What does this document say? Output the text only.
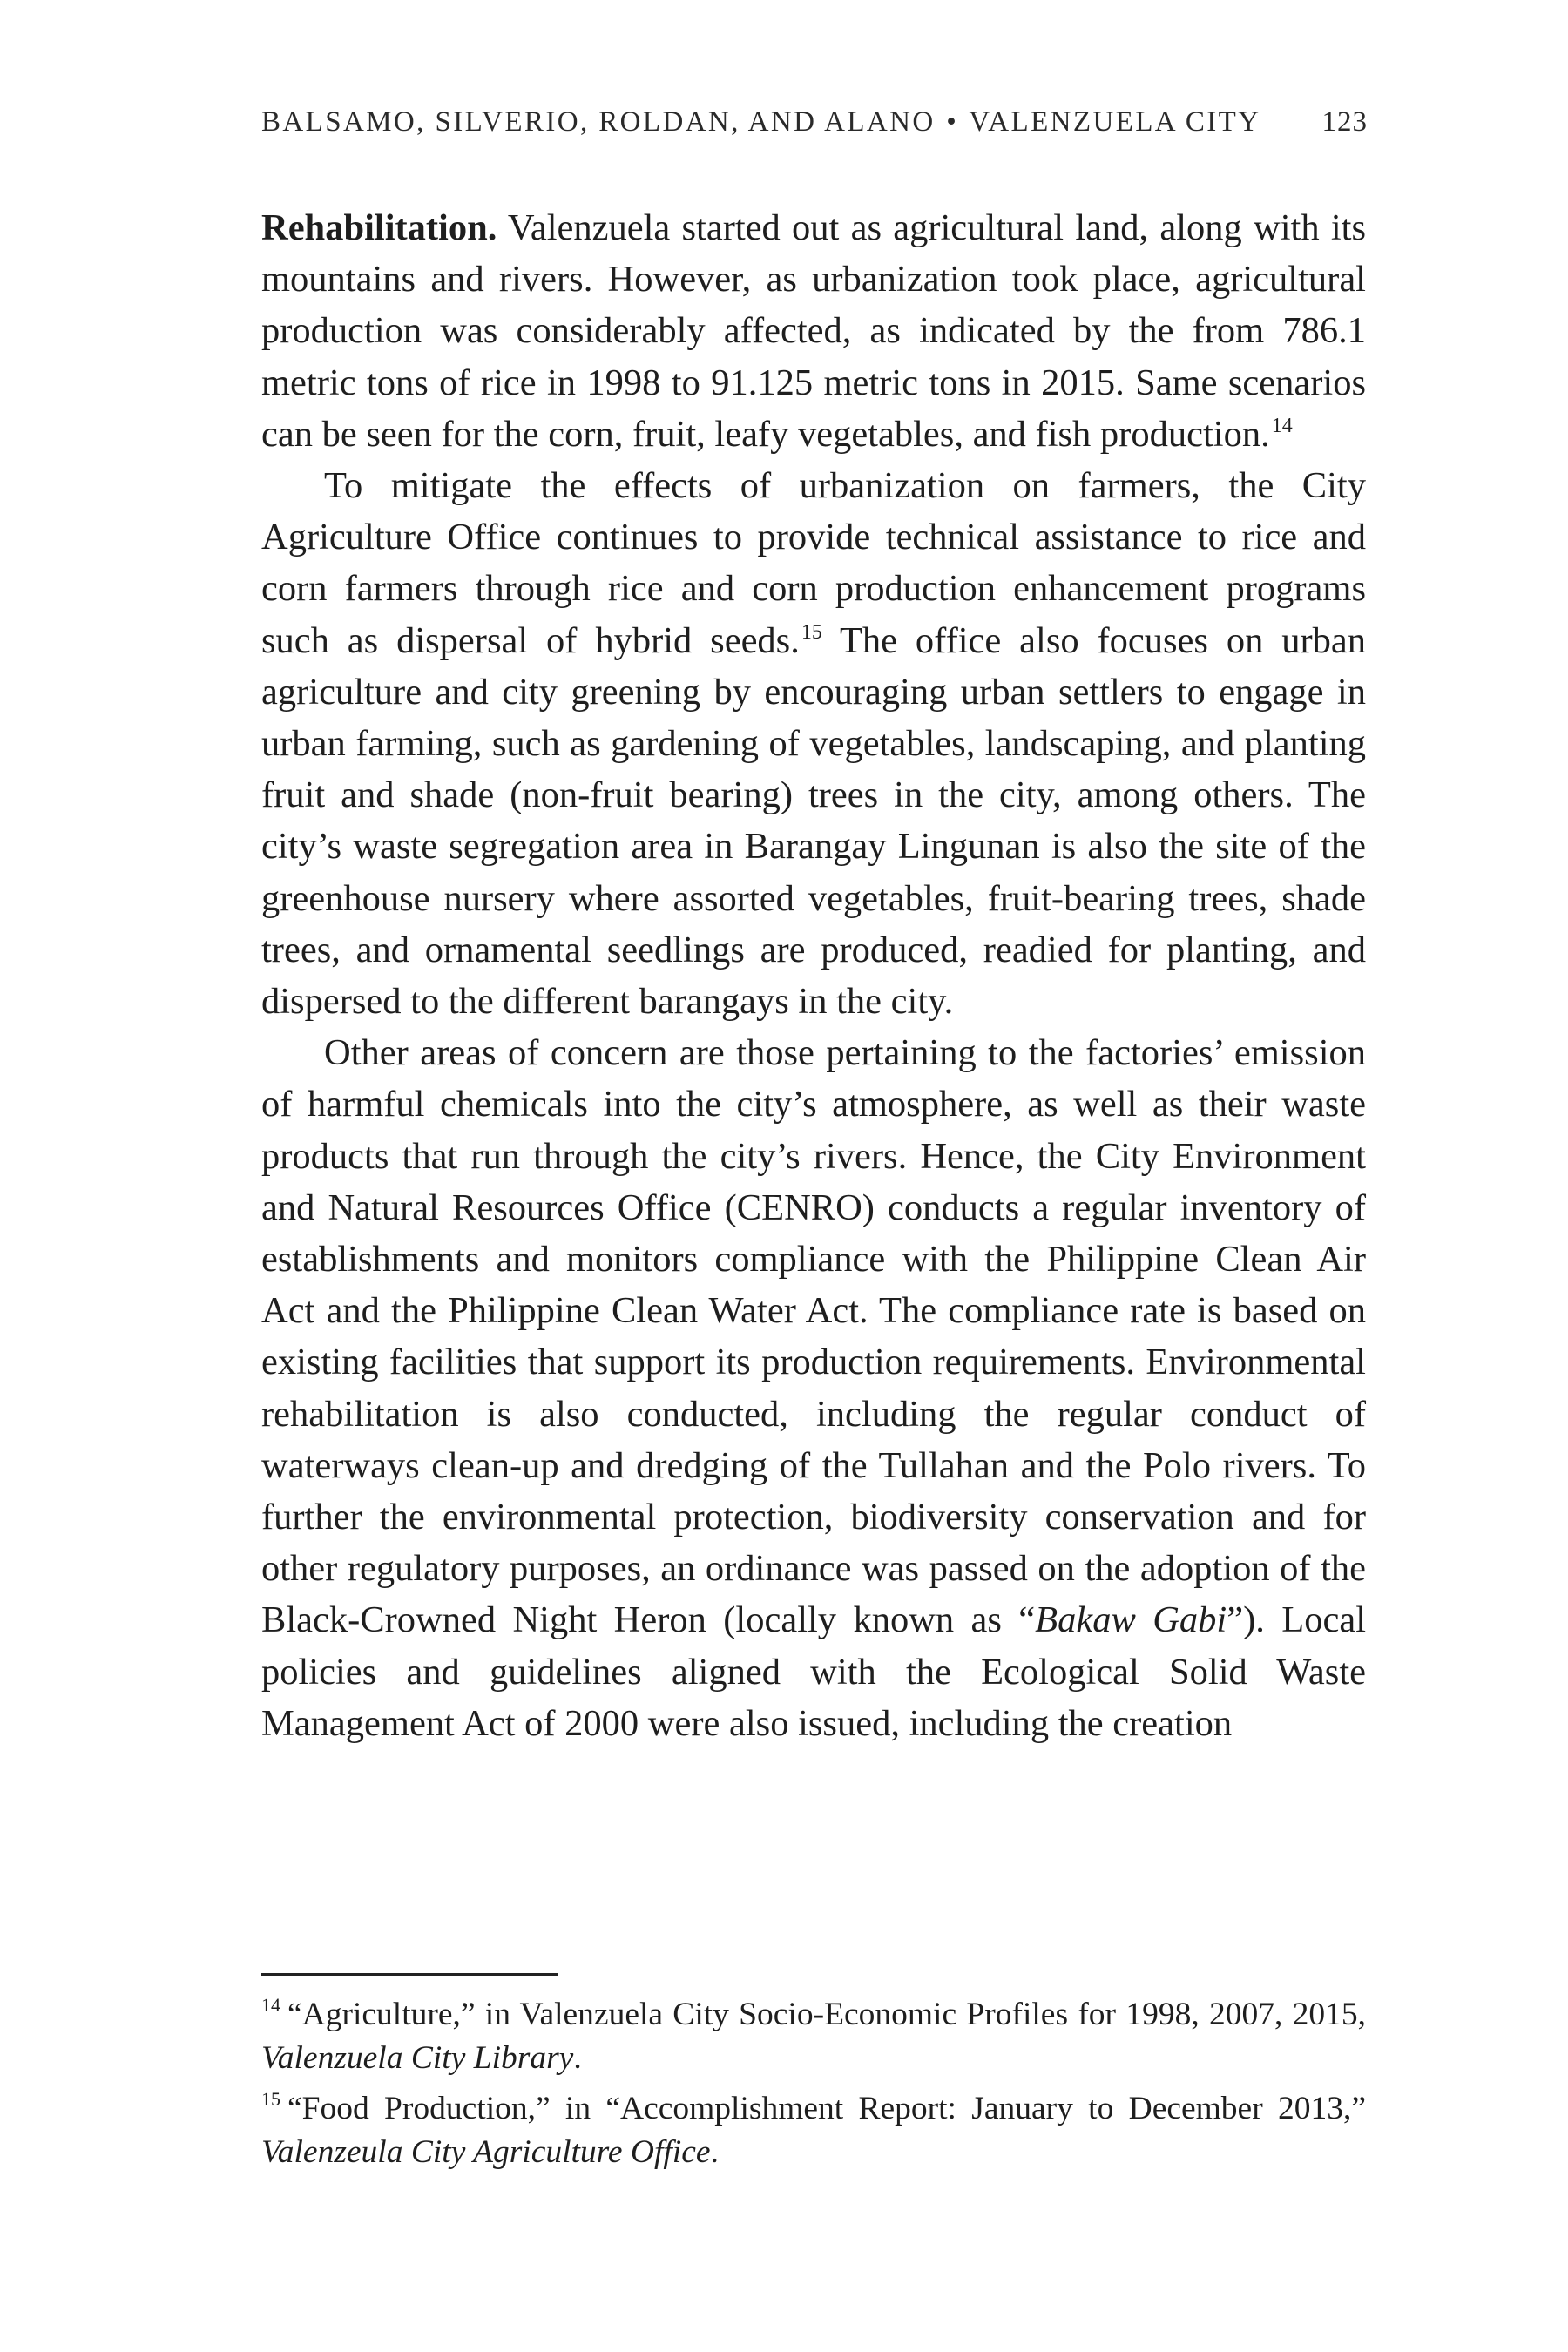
BALSAMO, SILVERIO, ROLDAN, AND ALANO • VALENZUELA CITY 123

Rehabilitation. Valenzuela started out as agricultural land, along with its mountains and rivers. However, as urbanization took place, agricultural production was considerably affected, as indicated by the from 786.1 metric tons of rice in 1998 to 91.125 metric tons in 2015. Same scenarios can be seen for the corn, fruit, leafy vegetables, and fish production.$^{14}$

To mitigate the effects of urbanization on farmers, the City Agriculture Office continues to provide technical assistance to rice and corn farmers through rice and corn production enhancement programs such as dispersal of hybrid seeds.$^{15}$ The office also focuses on urban agriculture and city greening by encouraging urban settlers to engage in urban farming, such as gardening of vegetables, landscaping, and planting fruit and shade (non-fruit bearing) trees in the city, among others. The city’s waste segregation area in Barangay Lingunan is also the site of the greenhouse nursery where assorted vegetables, fruit-bearing trees, shade trees, and ornamental seedlings are produced, readied for planting, and dispersed to the different barangays in the city.

Other areas of concern are those pertaining to the factories’ emission of harmful chemicals into the city’s atmosphere, as well as their waste products that run through the city’s rivers. Hence, the City Environment and Natural Resources Office (CENRO) conducts a regular inventory of establishments and monitors compliance with the Philippine Clean Air Act and the Philippine Clean Water Act. The compliance rate is based on existing facilities that support its production requirements. Environmental rehabilitation is also conducted, including the regular conduct of waterways clean-up and dredging of the Tullahan and the Polo rivers. To further the environmental protection, biodiversity conservation and for other regulatory purposes, an ordinance was passed on the adoption of the Black-Crowned Night Heron (locally known as “Bakaw Gabi”). Local policies and guidelines aligned with the Ecological Solid Waste Management Act of 2000 were also issued, including the creation

$^{14}$ “Agriculture,” in Valenzuela City Socio-Economic Profiles for 1998, 2007, 2015, Valenzuela City Library.

$^{15}$ “Food Production,” in “Accomplishment Report: January to December 2013,” Valenzeula City Agriculture Office.
